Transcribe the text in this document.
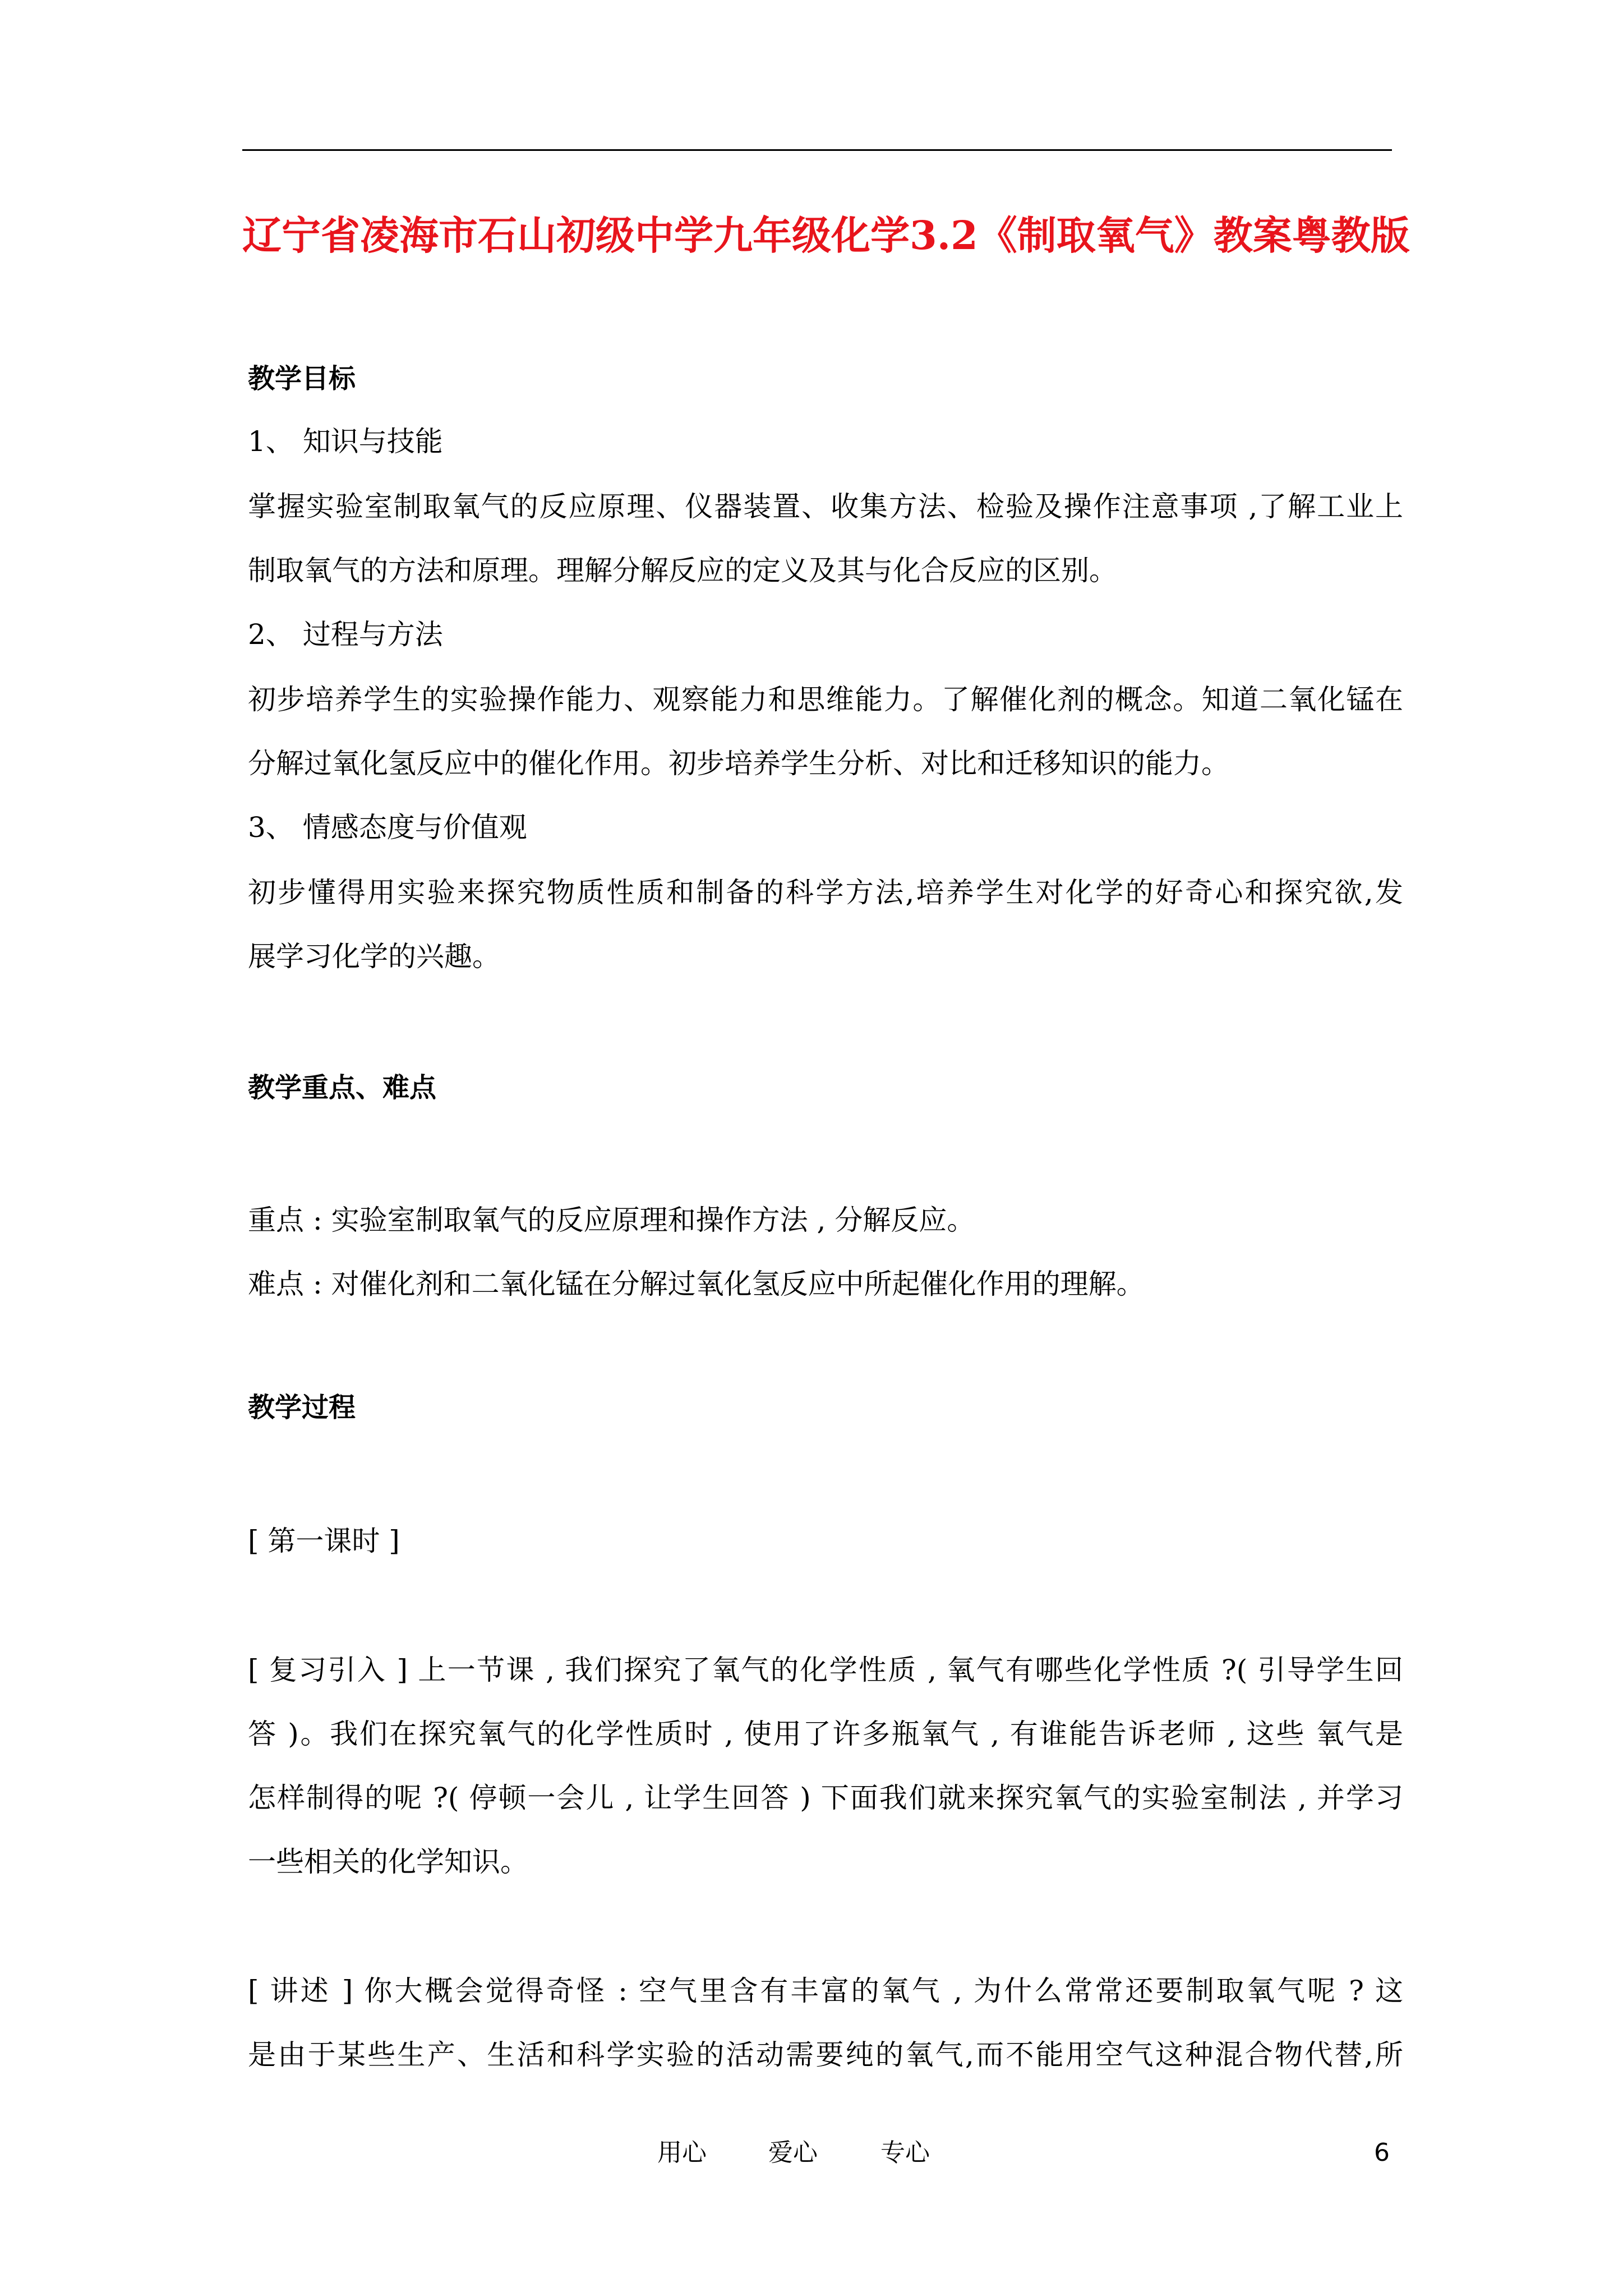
辽宁省凌海市石山初级中学九年级化学3.2《制取氧气》教案粤教版
教学目标
1、 知识与技能
掌握实验室制取氧气的反应原理、仪器装置、收集方法、检验及操作注意事项 ,了解工业上
制取氧气的方法和原理。理解分解反应的定义及其与化合反应的区别。
2、 过程与方法
初步培养学生的实验操作能力、观察能力和思维能力。了解催化剂的概念。知道二氧化锰在
分解过氧化氢反应中的催化作用。初步培养学生分析、对比和迁移知识的能力。
3、 情感态度与价值观
初步懂得用实验来探究物质性质和制备的科学方法,培养学生对化学的好奇心和探究欲,发
展学习化学的兴趣。
教学重点、难点
重点 : 实验室制取氧气的反应原理和操作方法 , 分解反应。
难点 : 对催化剂和二氧化锰在分解过氧化氢反应中所起催化作用的理解。
教学过程
[ 第一课时 ]
[ 复习引入 ] 上一节课 , 我们探究了氧气的化学性质 , 氧气有哪些化学性质 ?( 引导学生回
答 )。我们在探究氧气的化学性质时 , 使用了许多瓶氧气 , 有谁能告诉老师 , 这些 氧气是
怎样制得的呢 ?( 停顿一会儿 , 让学生回答 ) 下面我们就来探究氧气的实验室制法 , 并学习
一些相关的化学知识。
[ 讲述 ] 你大概会觉得奇怪 : 空气里含有丰富的氧气 , 为什么常常还要制取氧气呢 ? 这
是由于某些生产、生活和科学实验的活动需要纯的氧气,而不能用空气这种混合物代替,所
用心	爱心	专心	6
